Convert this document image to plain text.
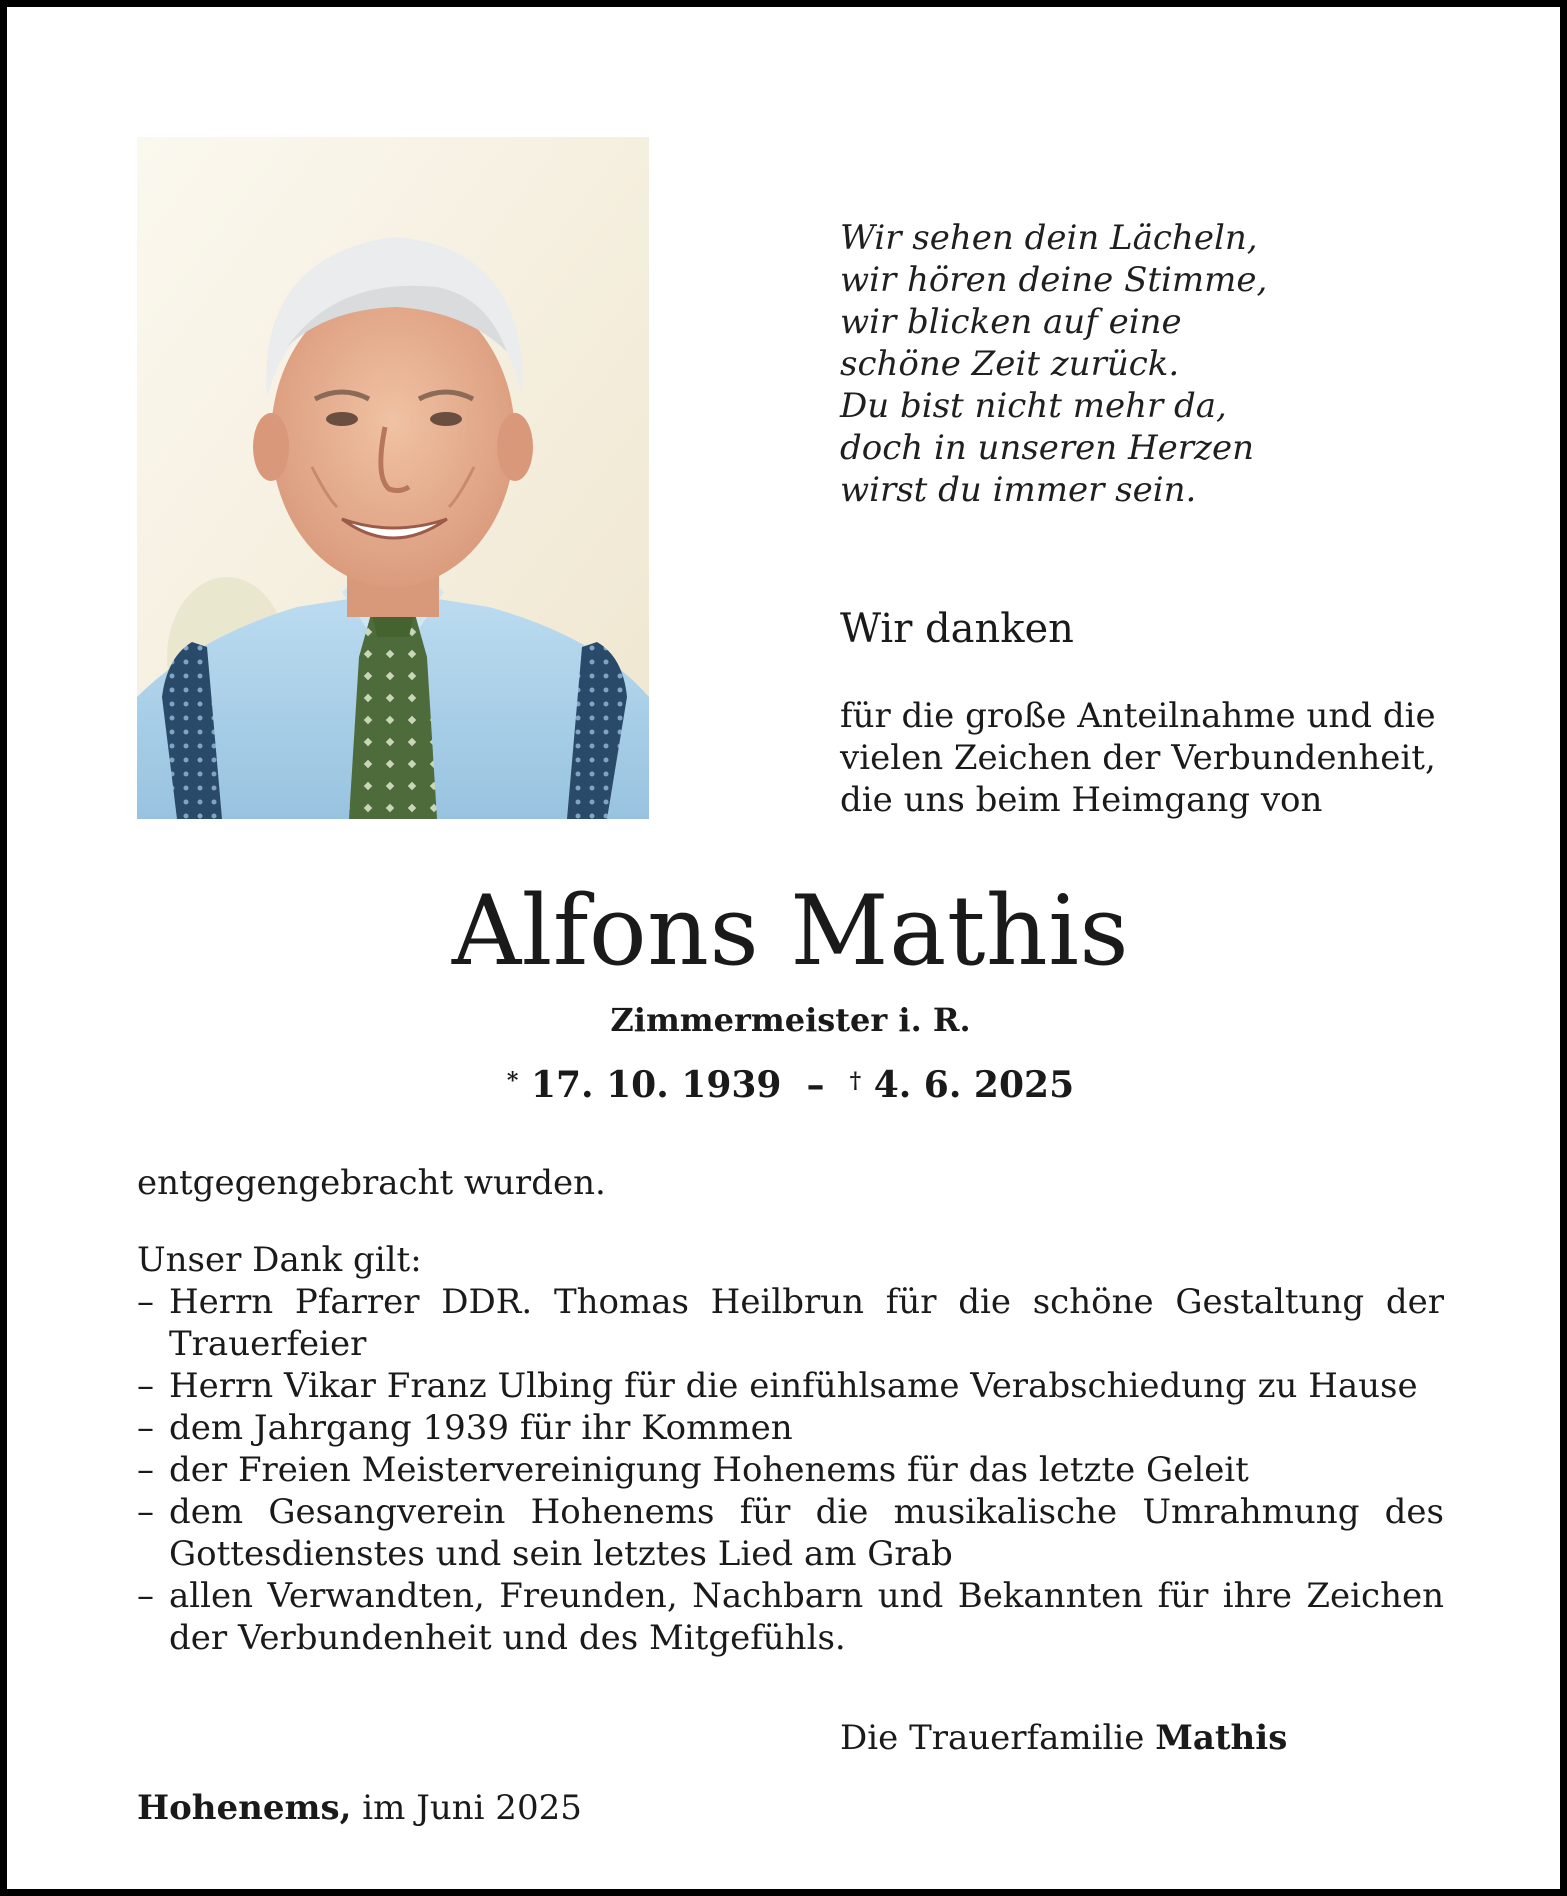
Wir sehen dein Lächeln,
wir hören deine Stimme,
wir blicken auf eine
schöne Zeit zurück.
Du bist nicht mehr da,
doch in unseren Herzen
wirst du immer sein.
Wir danken
für die große Anteilnahme und die
vielen Zeichen der Verbundenheit,
die uns beim Heimgang von
Alfons Mathis
Zimmermeister i. R.
* 17. 10. 1939 – † 4. 6. 2025

entgegengebracht wurden.

Unser Dank gilt:

– Herrn Pfarrer DDR. Thomas Heilbrun für die schöne Gestaltung der Trauerfeier
– Herrn Vikar Franz Ulbing für die einfühlsame Verabschiedung zu Hause
– dem Jahrgang 1939 für ihr Kommen
– der Freien Meistervereinigung Hohenems für das letzte Geleit
– dem Gesangverein Hohenems für die musikalische Umrahmung des Gottesdienstes und sein letztes Lied am Grab
– allen Verwandten, Freunden, Nachbarn und Bekannten für ihre Zeichen der Verbundenheit und des Mitgefühls.
Die Trauerfamilie Mathis
Hohenems, im Juni 2025
